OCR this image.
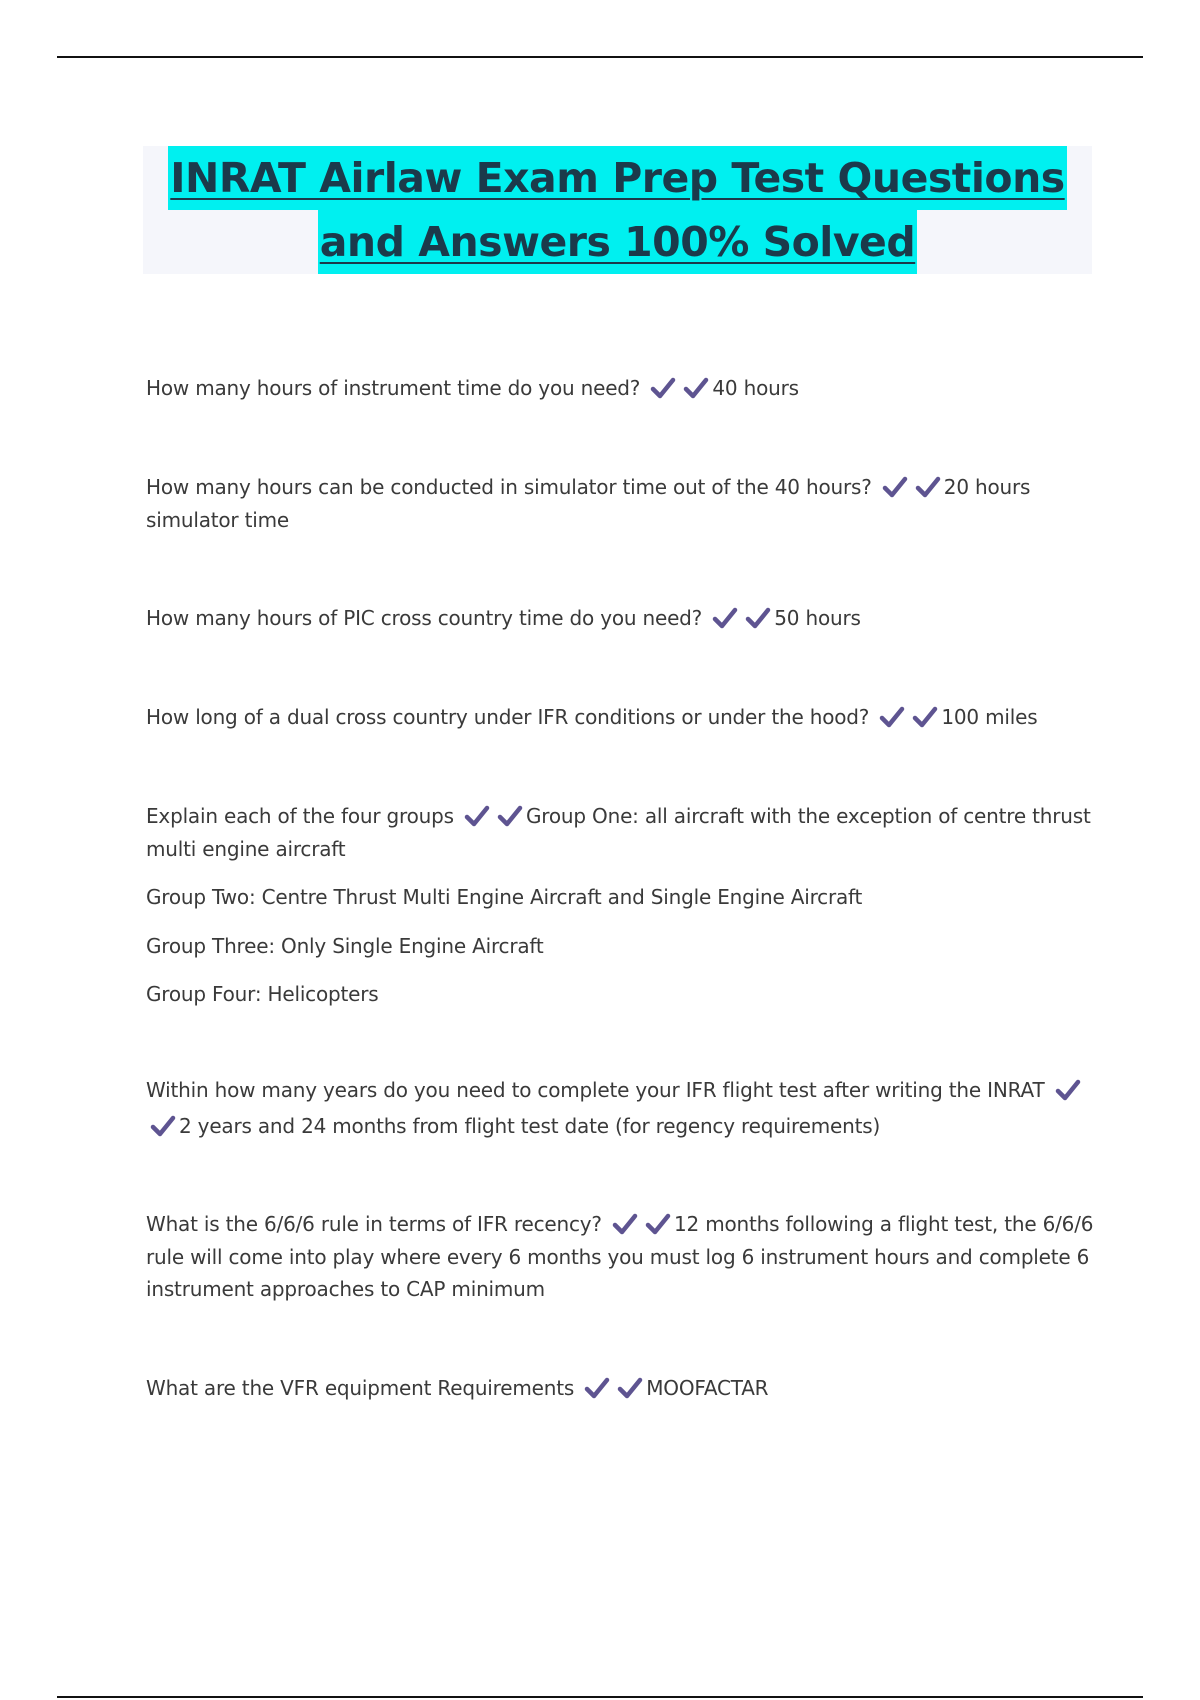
INRAT Airlaw Exam Prep Test Questions
and Answers 100% Solved
How many hours of instrument time do you need?	40 hours
How many hours can be conducted in simulator time out of the 40 hours?	20 hours simulator time
How many hours of PIC cross country time do you need?	50 hours
How long of a dual cross country under IFR conditions or under the hood?	100 miles
Explain each of the four groups	Group One: all aircraft with the exception of centre thrust multi engine aircraft
Group Two: Centre Thrust Multi Engine Aircraft and Single Engine Aircraft
Group Three: Only Single Engine Aircraft
Group Four: Helicopters
Within how many years do you need to complete your IFR flight test after writing the INRAT
2 years and 24 months from flight test date (for regency requirements)
What is the 6/6/6 rule in terms of IFR recency?	12 months following a flight test, the 6/6/6 rule will come into play where every 6 months you must log 6 instrument hours and complete 6 instrument approaches to CAP minimum
What are the VFR equipment Requirements	MOOFACTAR
